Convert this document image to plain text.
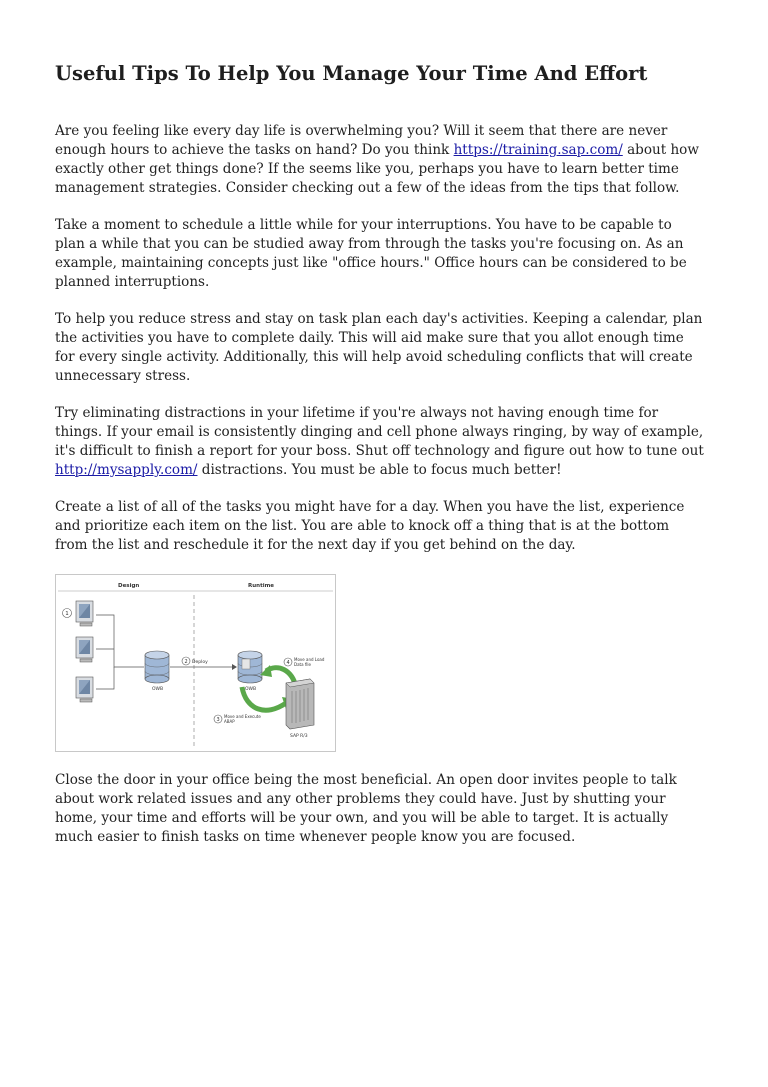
Useful Tips To Help You Manage Your Time And Effort

Are you feeling like every day life is overwhelming you? Will it seem that there are never enough hours to achieve the tasks on hand? Do you think https://training.sap.com/ about how exactly other get things done? If the seems like you, perhaps you have to learn better time management strategies. Consider checking out a few of the ideas from the tips that follow.

Take a moment to schedule a little while for your interruptions. You have to be capable to plan a while that you can be studied away from through the tasks you're focusing on. As an example, maintaining concepts just like "office hours." Office hours can be considered to be planned interruptions.

To help you reduce stress and stay on task plan each day's activities. Keeping a calendar, plan the activities you have to complete daily. This will aid make sure that you allot enough time for every single activity. Additionally, this will help avoid scheduling conflicts that will create unnecessary stress.

Try eliminating distractions in your lifetime if you're always not having enough time for things. If your email is consistently dinging and cell phone always ringing, by way of example, it's difficult to finish a report for your boss. Shut off technology and figure out how to tune out http://mysapply.com/ distractions. You must be able to focus much better!

Create a list of all of the tasks you might have for a day. When you have the list, experience and prioritize each item on the list. You are able to knock off a thing that is at the bottom from the list and reschedule it for the next day if you get behind on the day.

Design	Runtime
1
OWB
2 Deploy
OWB
SAP R/3
4
Move and Load
Data file
3
Move and Execute
ABAP

Close the door in your office being the most beneficial. An open door invites people to talk about work related issues and any other problems they could have. Just by shutting your home, your time and efforts will be your own, and you will be able to target. It is actually much easier to finish tasks on time whenever people know you are focused.
